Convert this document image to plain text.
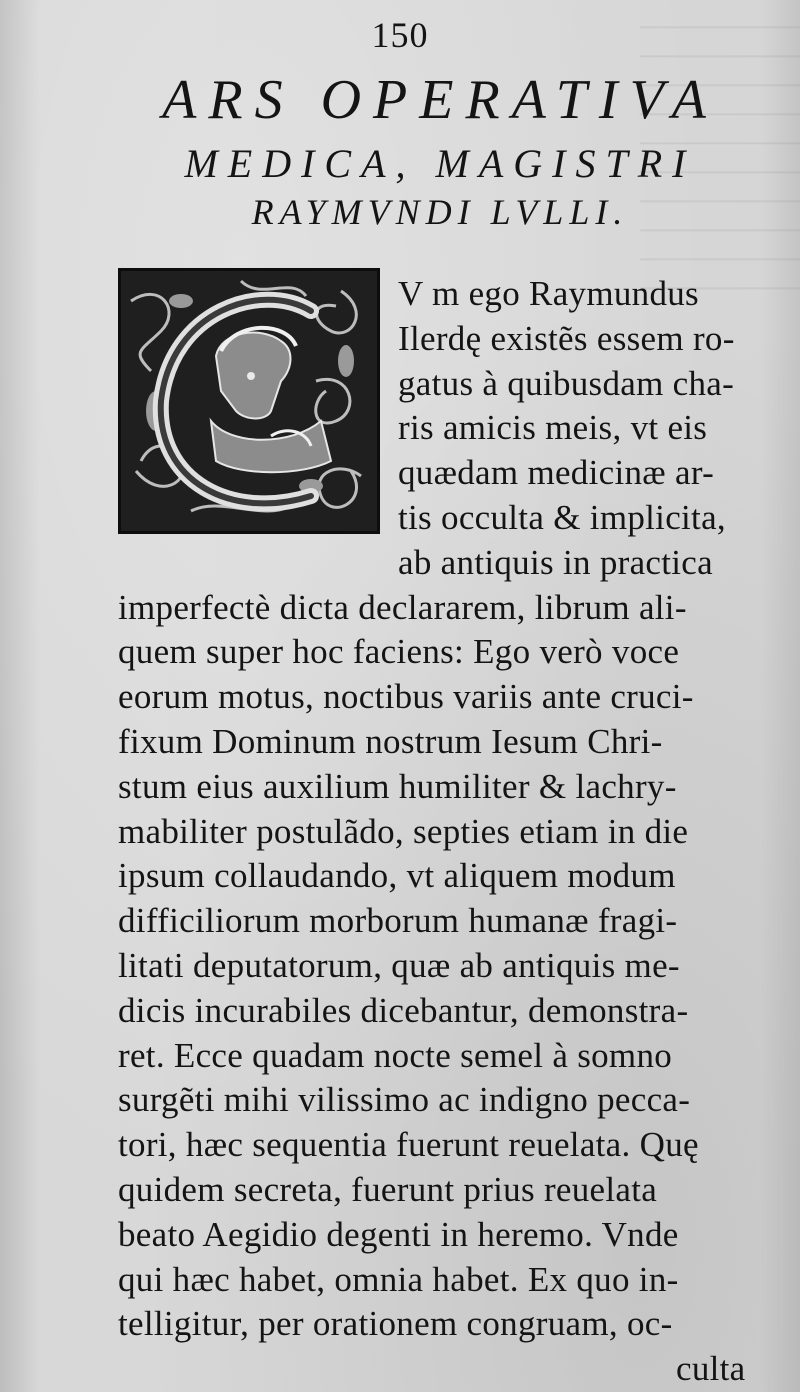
150
ARS OPERATIVA
MEDICA, MAGISTRI
RAYMVNDI LVLLI.
V m ego Raymundus
Ilerdę existẽs essem ro-
gatus à quibusdam cha-
ris amicis meis, vt eis
quædam medicinæ ar-
tis occulta & implicita,
ab antiquis in practica
imperfectè dicta declararem, librum ali-
quem super hoc faciens: Ego verò voce
eorum motus, noctibus variis ante cruci-
fixum Dominum nostrum Iesum Chri-
stum eius auxilium humiliter & lachry-
mabiliter postulãdo, septies etiam in die
ipsum collaudando, vt aliquem modum
difficiliorum morborum humanæ fragi-
litati deputatorum, quæ ab antiquis me-
dicis incurabiles dicebantur, demonstra-
ret. Ecce quadam nocte semel à somno
surgẽti mihi vilissimo ac indigno pecca-
tori, hæc sequentia fuerunt reuelata. Quę
quidem secreta, fuerunt prius reuelata
beato Aegidio degenti in heremo. Vnde
qui hæc habet, omnia habet. Ex quo in-
telligitur, per orationem congruam, oc-
culta
